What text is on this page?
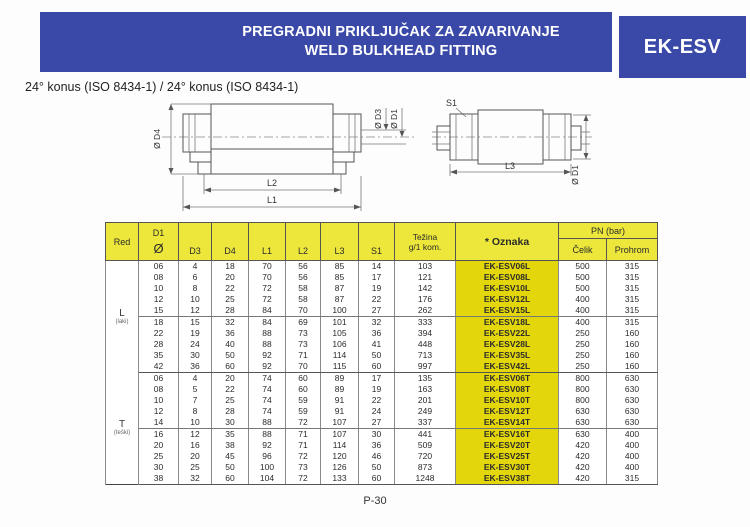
PREGRADNI PRIKLJUČAK ZA ZAVARIVANJE
WELD BULKHEAD FITTING	EK-ESV
24° konus (ISO 8434-1) / 24° konus (ISO 8434-1)
Ø D4
Ø D3 Ø D1
L2
L1
S1
L3	Ø D1
Red	
D1
Ø	D3	D4	L1	L2	L3	S1	
Težina
g/1 kom.	* Oznaka	PN (bar)
										Čelik	Prohrom

L
(laki)	06	4	18	70	56	85	14	103	EK-ESV06L	500	315
	08	6	20	70	56	85	17	121	EK-ESV08L	500	315
	10	8	22	72	58	87	19	142	EK-ESV10L	500	315
	12	10	25	72	58	87	22	176	EK-ESV12L	400	315
	15	12	28	84	70	100	27	262	EK-ESV15L	400	315
	18	15	32	84	69	101	32	333	EK-ESV18L	400	315
	22	19	36	88	73	105	36	394	EK-ESV22L	250	160
	28	24	40	88	73	106	41	448	EK-ESV28L	250	160
	35	30	50	92	71	114	50	713	EK-ESV35L	250	160
	42	36	60	92	70	115	60	997	EK-ESV42L	250	160

T
(teški)	06	4	20	74	60	89	17	135	EK-ESV06T	800	630
	08	5	22	74	60	89	19	163	EK-ESV08T	800	630
	10	7	25	74	59	91	22	201	EK-ESV10T	800	630
	12	8	28	74	59	91	24	249	EK-ESV12T	630	630
	14	10	30	88	72	107	27	337	EK-ESV14T	630	630
	16	12	35	88	71	107	30	441	EK-ESV16T	630	400
	20	16	38	92	71	114	36	509	EK-ESV20T	420	400
	25	20	45	96	72	120	46	720	EK-ESV25T	420	400
	30	25	50	100	73	126	50	873	EK-ESV30T	420	400
	38	32	60	104	72	133	60	1248	EK-ESV38T	420	315
P-30
